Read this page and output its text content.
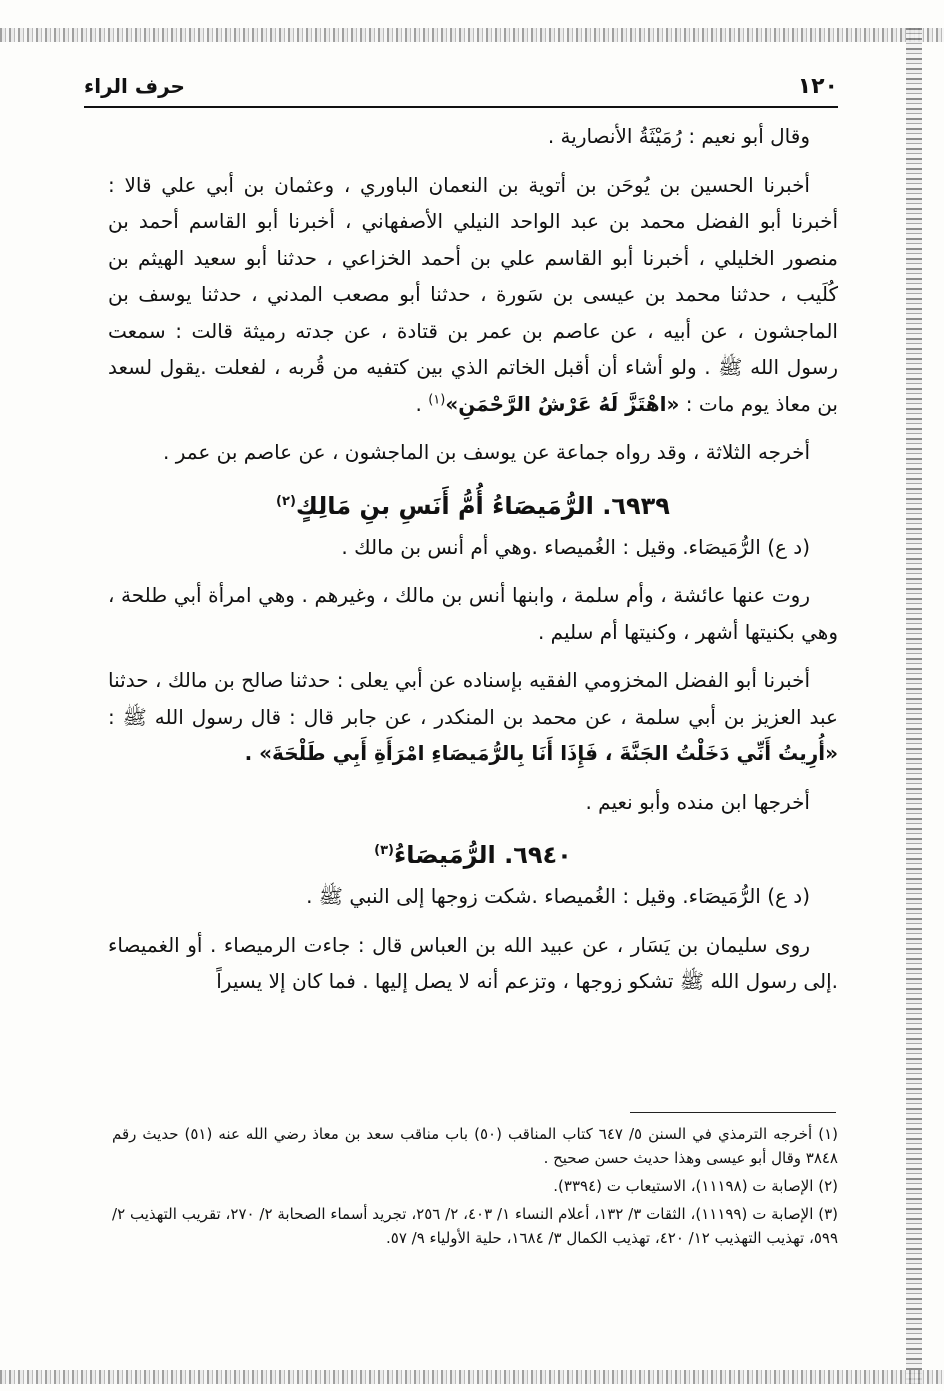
١٢٠
حرف الراء

وقال أبو نعيم : رُمَيْثَةُ الأنصارية .

أخبرنا الحسين بن يُوحَن بن أتوية بن النعمان الباوري ، وعثمان بن أبي علي قالا : أخبرنا أبو الفضل محمد بن عبد الواحد النيلي الأصفهاني ، أخبرنا أبو القاسم أحمد بن منصور الخليلي ، أخبرنا أبو القاسم علي بن أحمد الخزاعي ، حدثنا أبو سعيد الهيثم بن كُلَيب ، حدثنا محمد بن عيسى بن سَورة ، حدثنا أبو مصعب المدني ، حدثنا يوسف بن الماجشون ، عن أبيه ، عن عاصم بن عمر بن قتادة ، عن جدته رميثة قالت : سمعت رسول الله ﷺ . ولو أشاء أن أقبل الخاتم الذي بين كتفيه من قُربه ، لفعلت .يقول لسعد بن معاذ يوم مات : «اهْتَزَّ لَهُ عَرْشُ الرَّحْمَنِ»$^{(١)}$ .

أخرجه الثلاثة ، وقد رواه جماعة عن يوسف بن الماجشون ، عن عاصم بن عمر .

٦٩٣٩. الرُّمَيصَاءُ أُمُّ أَنَسِ بنِ مَالِكٍ$^{(٢)}$

(د ع) الرُّمَيصَاء. وقيل : الغُميصاء .وهي أم أنس بن مالك .

روت عنها عائشة ، وأم سلمة ، وابنها أنس بن مالك ، وغيرهم . وهي امرأة أبي طلحة ، وهي بكنيتها أشهر ، وكنيتها أم سليم .

أخبرنا أبو الفضل المخزومي الفقيه بإسناده عن أبي يعلى : حدثنا صالح بن مالك ، حدثنا عبد العزيز بن أبي سلمة ، عن محمد بن المنكدر ، عن جابر قال : قال رسول الله ﷺ : «أُرِيتُ أَنِّي دَخَلْتُ الجَنَّةَ ، فَإِذَا أَنَا بِالرُّمَيصَاءِ امْرَأَةِ أَبِي طَلْحَةَ» .

أخرجها ابن منده وأبو نعيم .

٦٩٤٠. الرُّمَيصَاءُ$^{(٣)}$

(د ع) الرُّمَيصَاء. وقيل : الغُميصاء .شكت زوجها إلى النبي ﷺ .

روى سليمان بن يَسَار ، عن عبيد الله بن العباس قال : جاءت الرميصاء . أو الغميصاء .إلى رسول الله ﷺ تشكو زوجها ، وتزعم أنه لا يصل إليها . فما كان إلا يسيراً

(١) أخرجه الترمذي في السنن ٥/ ٦٤٧ كتاب المناقب (٥٠) باب مناقب سعد بن معاذ رضي الله عنه (٥١) حديث رقم ٣٨٤٨ وقال أبو عيسى وهذا حديث حسن صحيح .

(٢) الإصابة ت (١١١٩٨)، الاستيعاب ت (٣٣٩٤).

(٣) الإصابة ت (١١١٩٩)، الثقات ٣/ ١٣٢، أعلام النساء ١/ ٤٠٣، ٢/ ٢٥٦، تجريد أسماء الصحابة ٢/ ٢٧٠، تقريب التهذيب ٢/ ٥٩٩، تهذيب التهذيب ١٢/ ٤٢٠، تهذيب الكمال ٣/ ١٦٨٤، حلية الأولياء ٩/ ٥٧.
